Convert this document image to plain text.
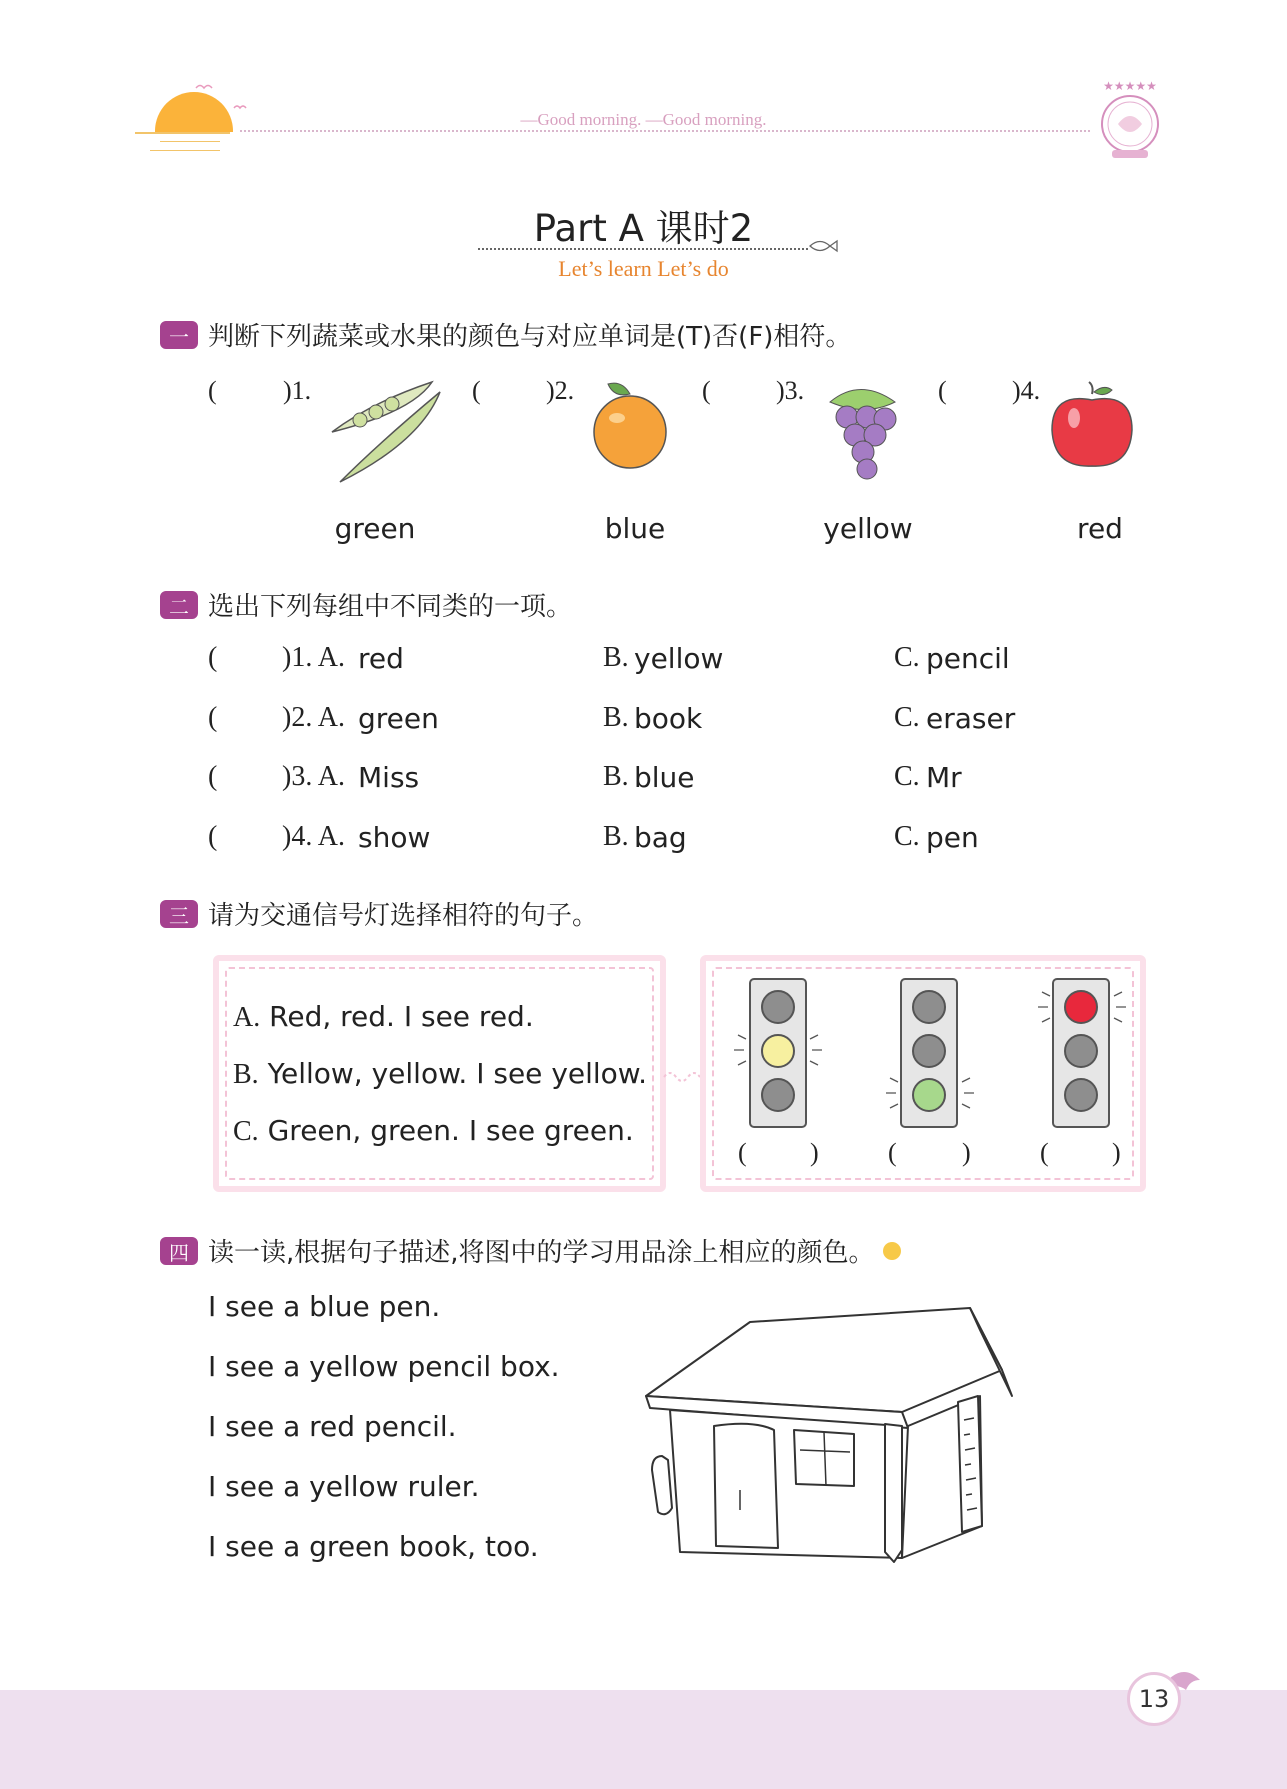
—Good morning. —Good morning.
★★★★★
Part A 课时2
Let’s learn Let’s do
一 判断下列蔬菜或水果的颜色与对应单词是(T)否(F)相符。
(	)1.
green
(	)2.
blue
(	)3.
yellow
(	)4.
red
二 选出下列每组中不同类的一项。
( )1. A. red	B. yellow	C. pencil
( )2. A. green	B. book	C. eraser
( )3. A. Miss	B. blue	C. Mr
( )4. A. show	B. bag	C. pen
三 请为交通信号灯选择相符的句子。
A. Red, red. I see red.
B. Yellow, yellow. I see yellow.
C. Green, green. I see green.
( )	(	)	( )
四 读一读,根据句子描述,将图中的学习用品涂上相应的颜色。
I see a blue pen.
I see a yellow pencil box.
I see a red pencil.
I see a yellow ruler.
I see a green book, too.
13
